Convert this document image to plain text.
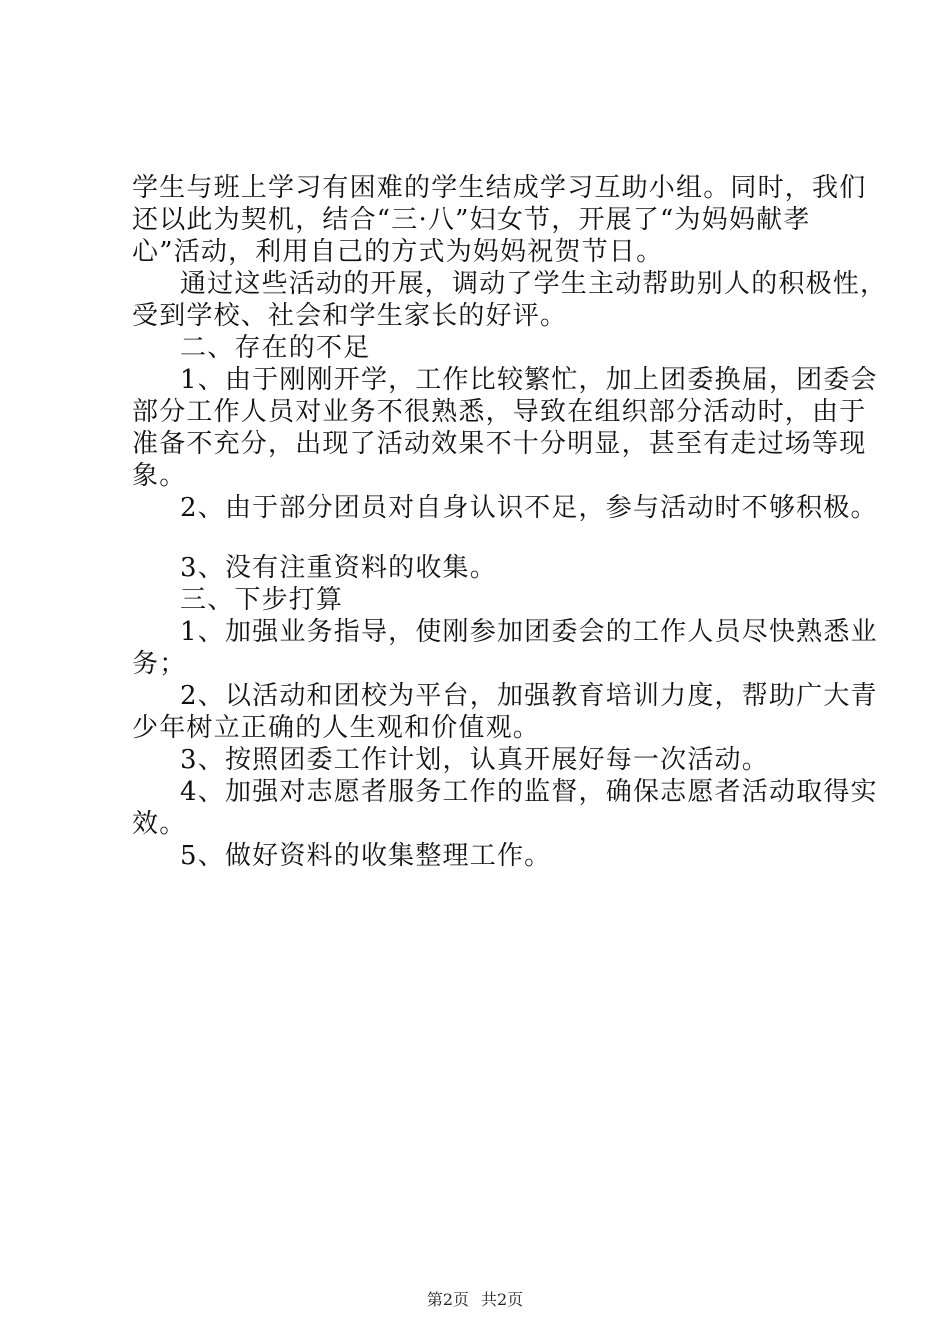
学生与班上学习有困难的学生结成学习互助小组。同时，我们
还以此为契机，结合“三·八”妇女节，开展了“为妈妈献孝
心”活动，利用自己的方式为妈妈祝贺节日。
通过这些活动的开展，调动了学生主动帮助别人的积极性，
受到学校、社会和学生家长的好评。
二、存在的不足
1、由于刚刚开学，工作比较繁忙，加上团委换届，团委会
部分工作人员对业务不很熟悉，导致在组织部分活动时，由于
准备不充分，出现了活动效果不十分明显，甚至有走过场等现
象。
2、由于部分团员对自身认识不足，参与活动时不够积极。
3、没有注重资料的收集。
三、下步打算
1、加强业务指导，使刚参加团委会的工作人员尽快熟悉业
务；
2、以活动和团校为平台，加强教育培训力度，帮助广大青
少年树立正确的人生观和价值观。
3、按照团委工作计划，认真开展好每一次活动。
4、加强对志愿者服务工作的监督，确保志愿者活动取得实
效。
5、做好资料的收集整理工作。
第2页 共2页
